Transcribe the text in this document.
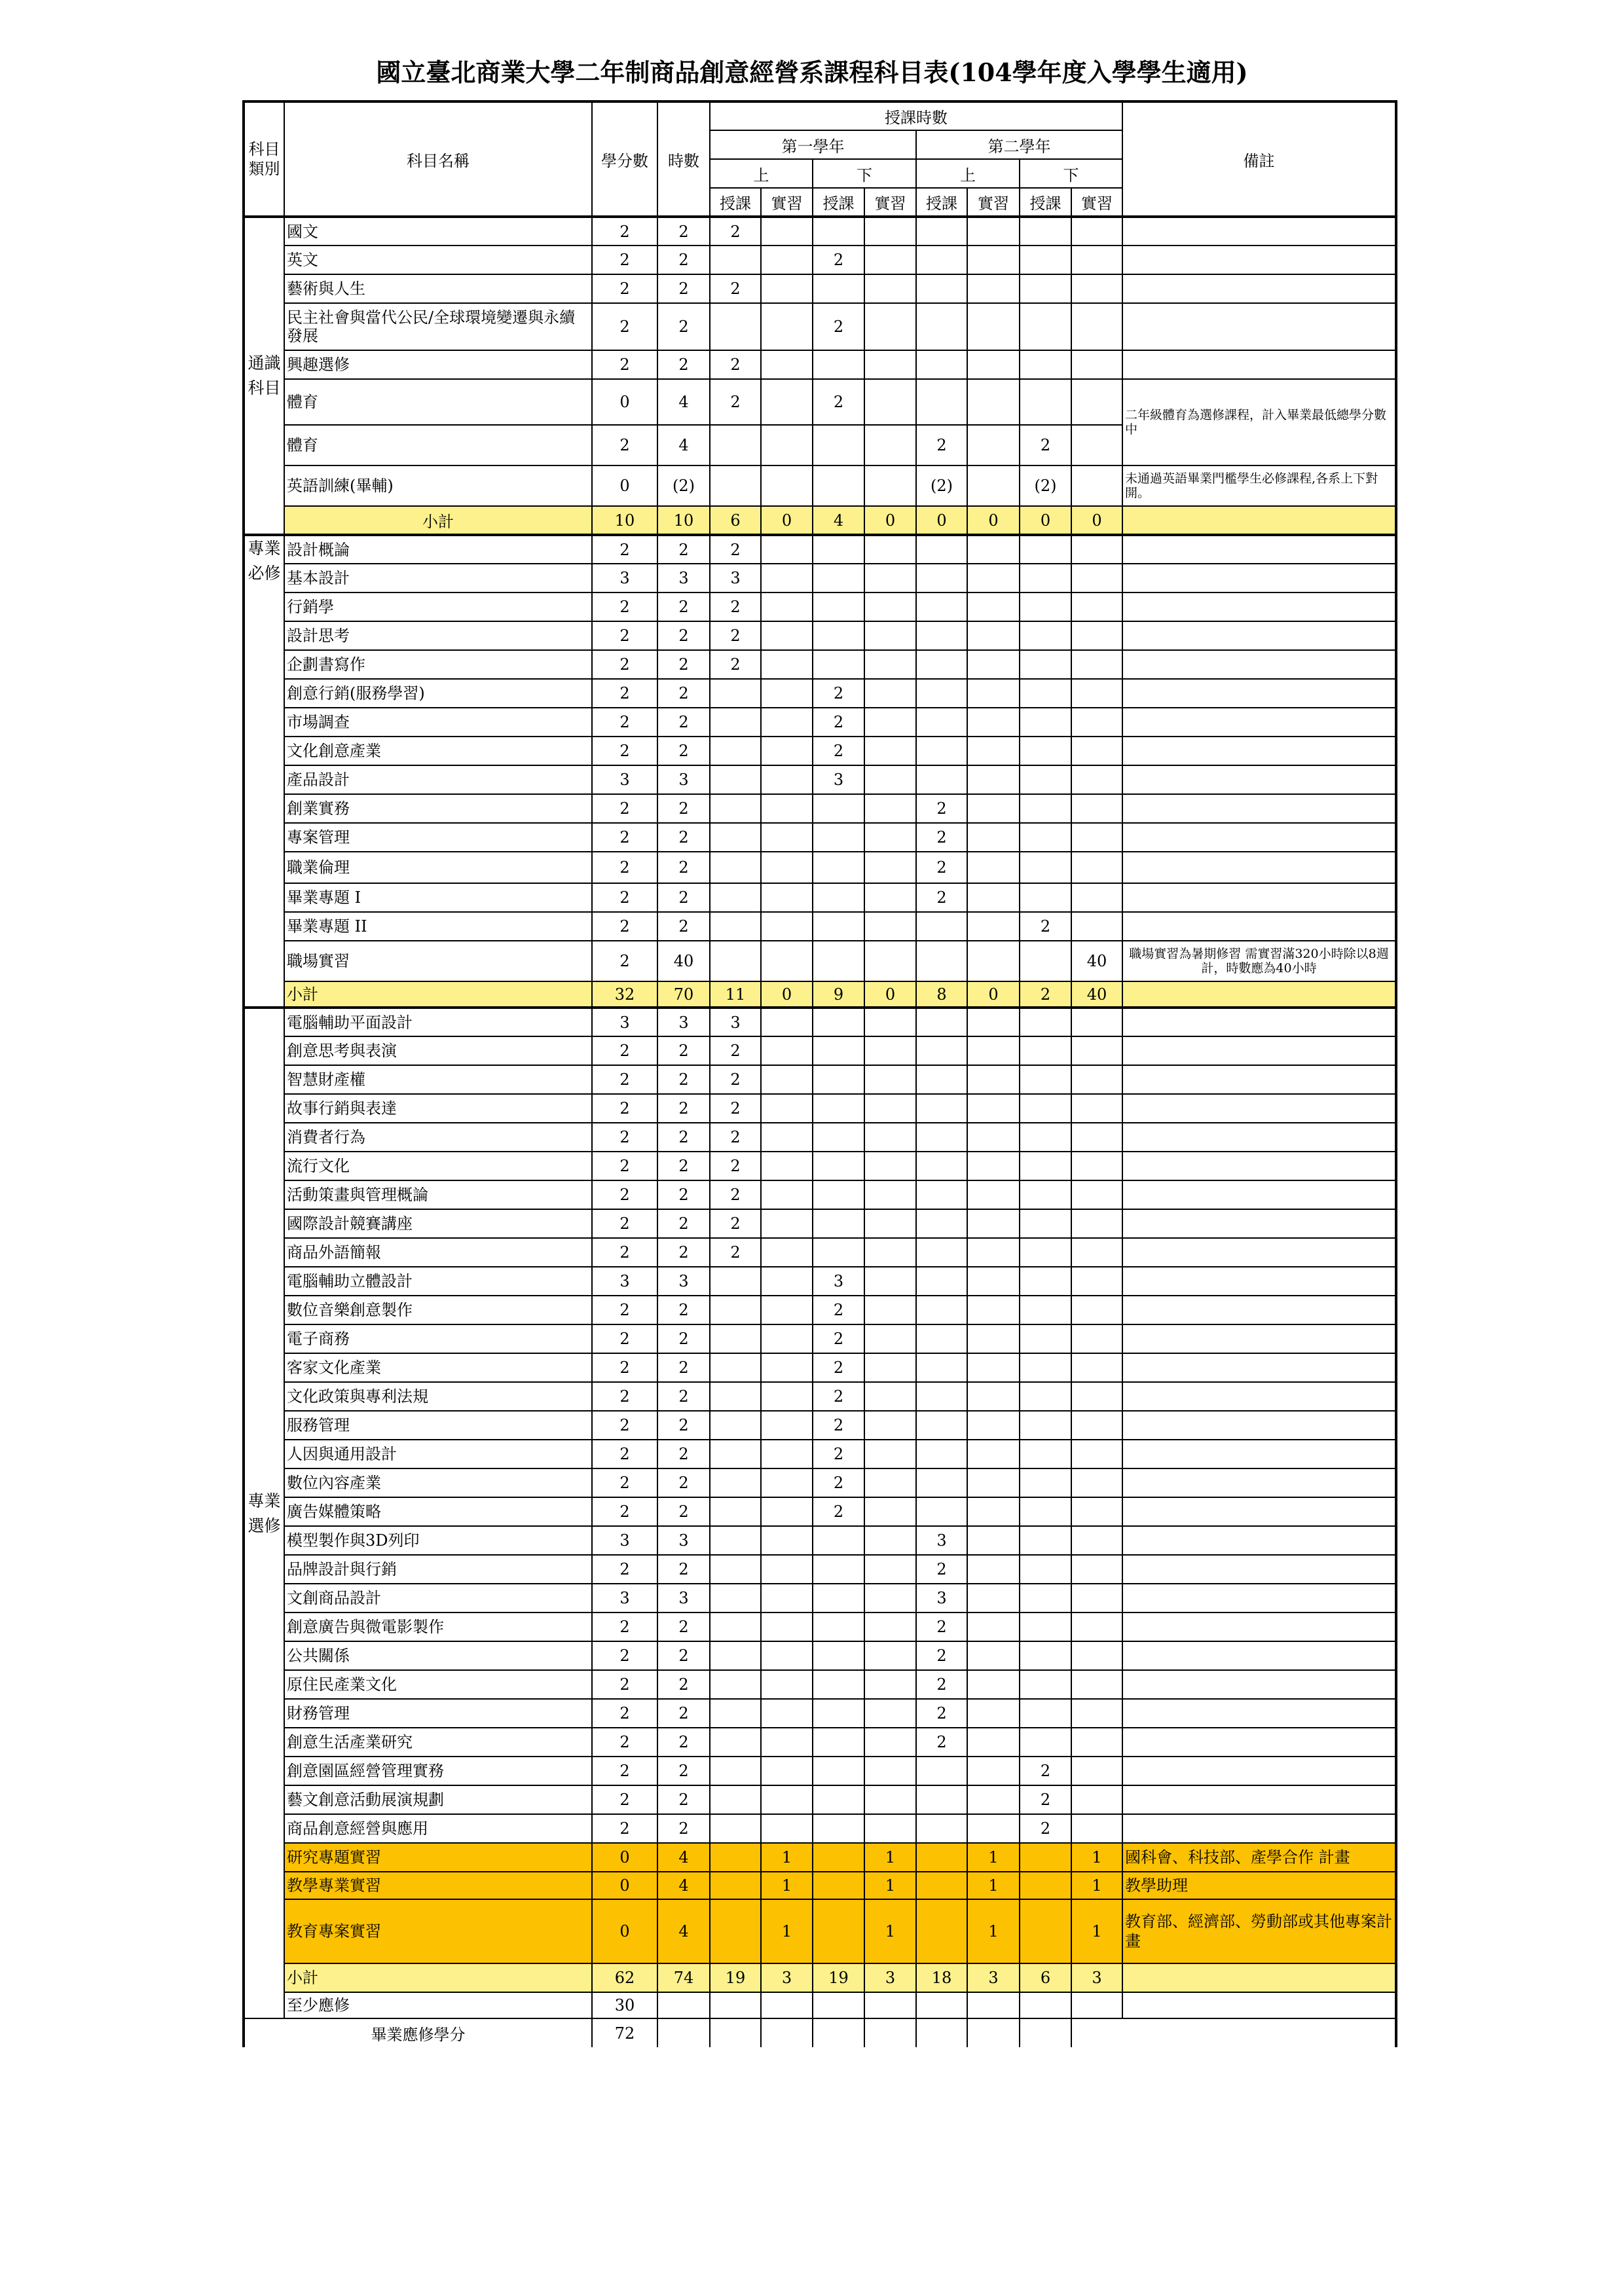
國立臺北商業大學二年制商品創意經營系課程科目表(104學年度入學學生適用)
科目類別	科目名稱	學分數	時數	授課時數								備註
				第一學年				第二學年				
				上		下		上		下		
				授課	實習	授課	實習	授課	實習	授課	實習	
通識科目	國文	2	2	2								
	英文	2	2			2						
	藝術與人生	2	2	2								
	民主社會與當代公民/全球環境變遷與永續發展	2	2			2						
	興趣選修	2	2	2								
	體育	0	4	2		2						二年級體育為選修課程，計入畢業最低總學分數中
	體育	2	4					2		2		
	英語訓練(畢輔)	0	(2)					(2)		(2)		未通過英語畢業門檻學生必修課程,各系上下對開。
	小計	10	10	6	0	4	0	0	0	0	0	
專業必修	設計概論	2	2	2								
	基本設計	3	3	3								
	行銷學	2	2	2								
	設計思考	2	2	2								
	企劃書寫作	2	2	2								
	創意行銷(服務學習)	2	2			2						
	市場調查	2	2			2						
	文化創意產業	2	2			2						
	產品設計	3	3			3						
	創業實務	2	2					2				
	專案管理	2	2					2				
	職業倫理	2	2					2				
	畢業專題 I	2	2					2				
	畢業專題 II	2	2							2		
	職場實習	2	40								40	職場實習為暑期修習 需實習滿320小時除以8週計，時數應為40小時
	小計	32	70	11	0	9	0	8	0	2	40	
專業選修	電腦輔助平面設計	3	3	3								
	創意思考與表演	2	2	2								
	智慧財產權	2	2	2								
	故事行銷與表達	2	2	2								
	消費者行為	2	2	2								
	流行文化	2	2	2								
	活動策畫與管理概論	2	2	2								
	國際設計競賽講座	2	2	2								
	商品外語簡報	2	2	2								
	電腦輔助立體設計	3	3			3						
	數位音樂創意製作	2	2			2						
	電子商務	2	2			2						
	客家文化產業	2	2			2						
	文化政策與專利法規	2	2			2						
	服務管理	2	2			2						
	人因與通用設計	2	2			2						
	數位內容產業	2	2			2						
	廣告媒體策略	2	2			2						
	模型製作與3D列印	3	3					3				
	品牌設計與行銷	2	2					2				
	文創商品設計	3	3					3				
	創意廣告與微電影製作	2	2					2				
	公共關係	2	2					2				
	原住民產業文化	2	2					2				
	財務管理	2	2					2				
	創意生活產業研究	2	2					2				
	創意園區經營管理實務	2	2							2		
	藝文創意活動展演規劃	2	2							2		
	商品創意經營與應用	2	2							2		
	研究專題實習	0	4		1		1		1		1	國科會、科技部、產學合作 計畫
	教學專業實習	0	4		1		1		1		1	教學助理
	教育專案實習	0	4		1		1		1		1	教育部、經濟部、勞動部或其他專案計畫
	小計	62	74	19	3	19	3	18	3	6	3	
	至少應修	30										
畢業應修學分		72										
